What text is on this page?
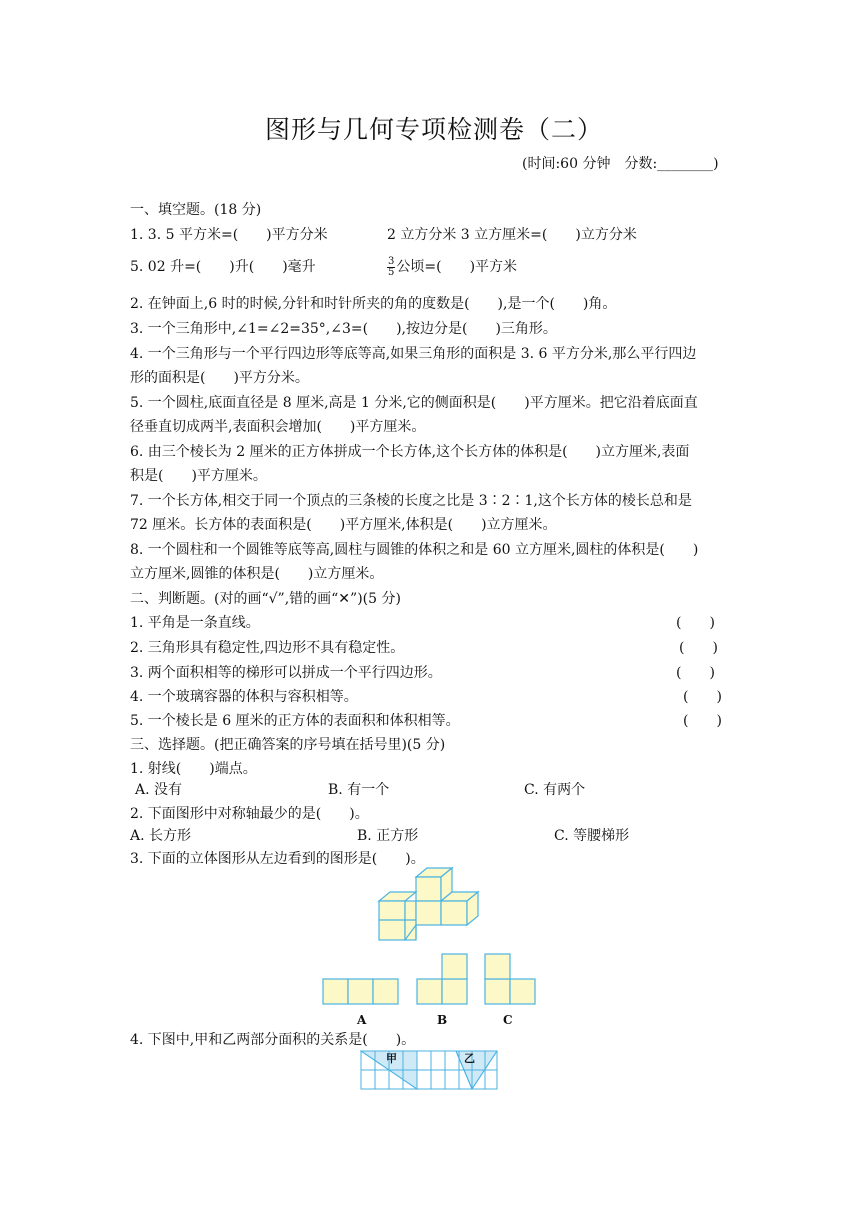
图形与几何专项检测卷（二）
(时间:60 分钟　分数:________)
一、填空题。(18 分)
1. 3. 5 平方米=(　　)平方分米	2 立方分米 3 立方厘米=(　　)立方分米
5. 02 升=(　　)升(　　)毫升	$\frac{3}{5}$ 公顷=(　　)平方米
2. 在钟面上,6 时的时候,分针和时针所夹的角的度数是(　　),是一个(　　)角。
3. 一个三角形中,∠1=∠2=35°,∠3=(　　),按边分是(　　)三角形。
4. 一个三角形与一个平行四边形等底等高,如果三角形的面积是 3. 6 平方分米,那么平行四边
形的面积是(　　)平方分米。
5. 一个圆柱,底面直径是 8 厘米,高是 1 分米,它的侧面积是(　　)平方厘米。把它沿着底面直
径垂直切成两半,表面积会增加(　　)平方厘米。
6. 由三个棱长为 2 厘米的正方体拼成一个长方体,这个长方体的体积是(　　)立方厘米,表面
积是(　　)平方厘米。
7. 一个长方体,相交于同一个顶点的三条棱的长度之比是 3∶2∶1,这个长方体的棱长总和是
72 厘米。长方体的表面积是(　　)平方厘米,体积是(　　)立方厘米。
8. 一个圆柱和一个圆锥等底等高,圆柱与圆锥的体积之和是 60 立方厘米,圆柱的体积是(　　)
立方厘米,圆锥的体积是(　　)立方厘米。
二、判断题。(对的画“√”,错的画“✕”)(5 分)
1. 平角是一条直线。	(　　)
2. 三角形具有稳定性,四边形不具有稳定性。	(　　)
3. 两个面积相等的梯形可以拼成一个平行四边形。	(　　)
4. 一个玻璃容器的体积与容积相等。	(　　)
5. 一个棱长是 6 厘米的正方体的表面积和体积相等。	(　　)
三、选择题。(把正确答案的序号填在括号里)(5 分)
1. 射线(　　)端点。
A. 没有	B. 有一个	C. 有两个
2. 下面图形中对称轴最少的是(　　)。
A. 长方形	B. 正方形	C. 等腰梯形
3. 下面的立体图形从左边看到的图形是(　　)。
A	B	C
4. 下图中,甲和乙两部分面积的关系是(　　)。
甲	乙
